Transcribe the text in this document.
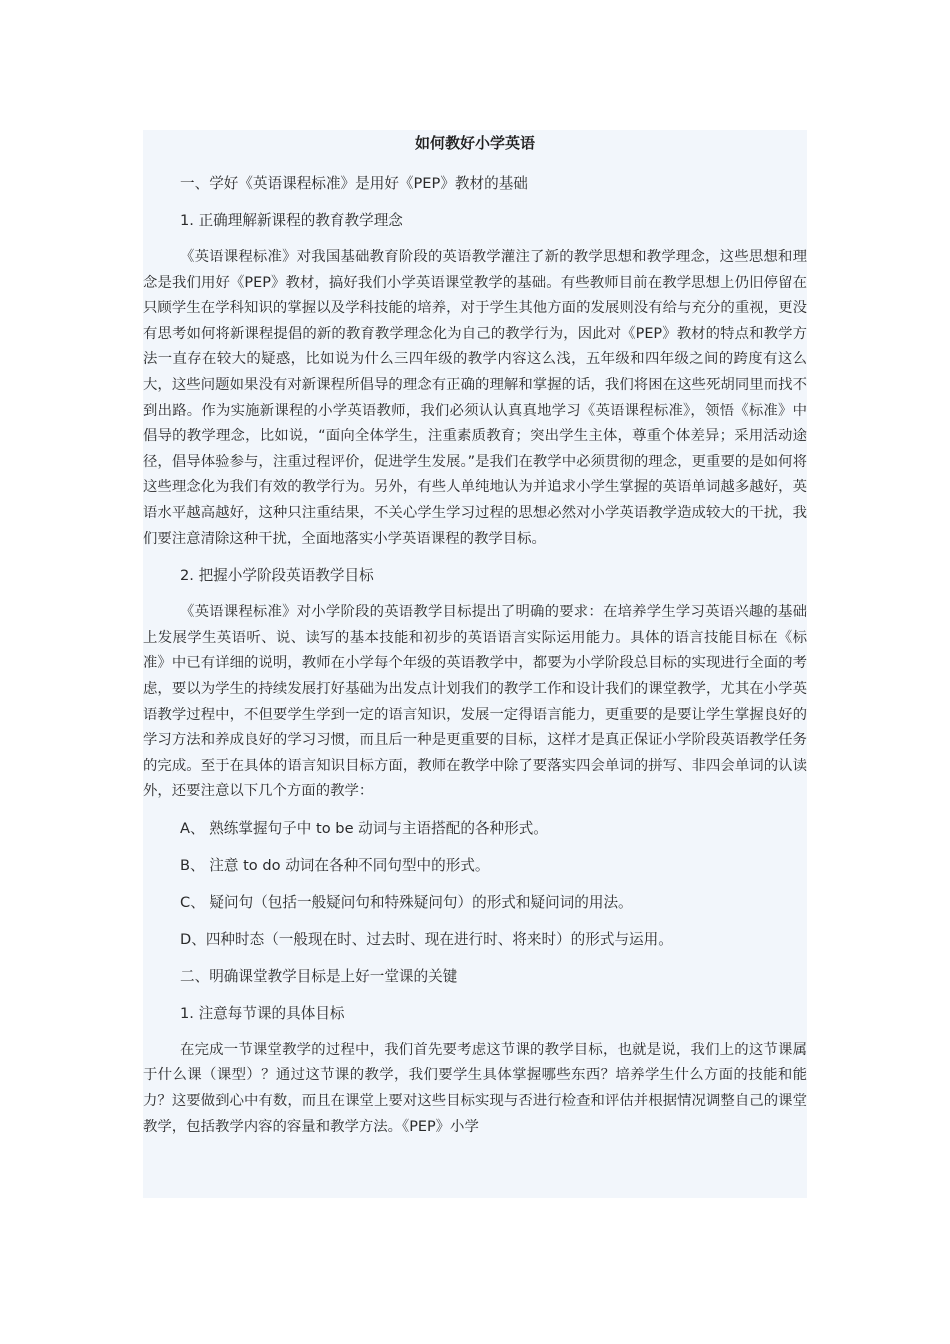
如何教好小学英语
一、学好《英语课程标准》是用好《PEP》教材的基础
1. 正确理解新课程的教育教学理念
《英语课程标准》对我国基础教育阶段的英语教学灌注了新的教学思想和教学理念，这些思想和理念是我们用好《PEP》教材，搞好我们小学英语课堂教学的基础。有些教师目前在教学思想上仍旧停留在只顾学生在学科知识的掌握以及学科技能的培养，对于学生其他方面的发展则没有给与充分的重视，更没有思考如何将新课程提倡的新的教育教学理念化为自己的教学行为，因此对《PEP》教材的特点和教学方法一直存在较大的疑惑，比如说为什么三四年级的教学内容这么浅，五年级和四年级之间的跨度有这么大，这些问题如果没有对新课程所倡导的理念有正确的理解和掌握的话，我们将困在这些死胡同里而找不到出路。作为实施新课程的小学英语教师，我们必须认认真真地学习《英语课程标准》，领悟《标准》中倡导的教学理念，比如说，“面向全体学生，注重素质教育；突出学生主体，尊重个体差异；采用活动途径，倡导体验参与，注重过程评价，促进学生发展。”是我们在教学中必须贯彻的理念，更重要的是如何将这些理念化为我们有效的教学行为。另外，有些人单纯地认为并追求小学生掌握的英语单词越多越好，英语水平越高越好，这种只注重结果，不关心学生学习过程的思想必然对小学英语教学造成较大的干扰，我们要注意清除这种干扰，全面地落实小学英语课程的教学目标。
2. 把握小学阶段英语教学目标
《英语课程标准》对小学阶段的英语教学目标提出了明确的要求：在培养学生学习英语兴趣的基础上发展学生英语听、说、读写的基本技能和初步的英语语言实际运用能力。具体的语言技能目标在《标准》中已有详细的说明，教师在小学每个年级的英语教学中，都要为小学阶段总目标的实现进行全面的考虑，要以为学生的持续发展打好基础为出发点计划我们的教学工作和设计我们的课堂教学，尤其在小学英语教学过程中，不但要学生学到一定的语言知识，发展一定得语言能力，更重要的是要让学生掌握良好的学习方法和养成良好的学习习惯，而且后一种是更重要的目标，这样才是真正保证小学阶段英语教学任务的完成。至于在具体的语言知识目标方面，教师在教学中除了要落实四会单词的拼写、非四会单词的认读外，还要注意以下几个方面的教学：
A、 熟练掌握句子中 to be 动词与主语搭配的各种形式。
B、 注意 to do 动词在各种不同句型中的形式。
C、 疑问句（包括一般疑问句和特殊疑问句）的形式和疑问词的用法。
D、四种时态（一般现在时、过去时、现在进行时、将来时）的形式与运用。
二、明确课堂教学目标是上好一堂课的关键
1. 注意每节课的具体目标
在完成一节课堂教学的过程中，我们首先要考虑这节课的教学目标，也就是说，我们上的这节课属于什么课（课型）？通过这节课的教学，我们要学生具体掌握哪些东西？培养学生什么方面的技能和能力？这要做到心中有数，而且在课堂上要对这些目标实现与否进行检查和评估并根据情况调整自己的课堂教学，包括教学内容的容量和教学方法。《PEP》小学
